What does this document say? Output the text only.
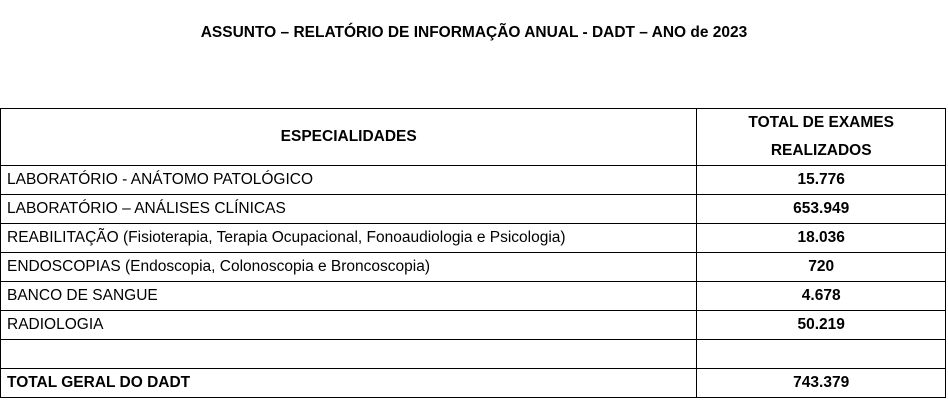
ASSUNTO – RELATÓRIO DE INFORMAÇÃO ANUAL - DADT – ANO de 2023
ESPECIALIDADES	TOTAL DE EXAMES
REALIZADOS

LABORATÓRIO - ANÁTOMO PATOLÓGICO	15.776
LABORATÓRIO – ANÁLISES CLÍNICAS	653.949
REABILITAÇÃO (Fisioterapia, Terapia Ocupacional, Fonoaudiologia e Psicologia)	18.036
ENDOSCOPIAS (Endoscopia, Colonoscopia e Broncoscopia)	720
BANCO DE SANGUE	4.678
RADIOLOGIA	50.219

TOTAL GERAL DO DADT	743.379
